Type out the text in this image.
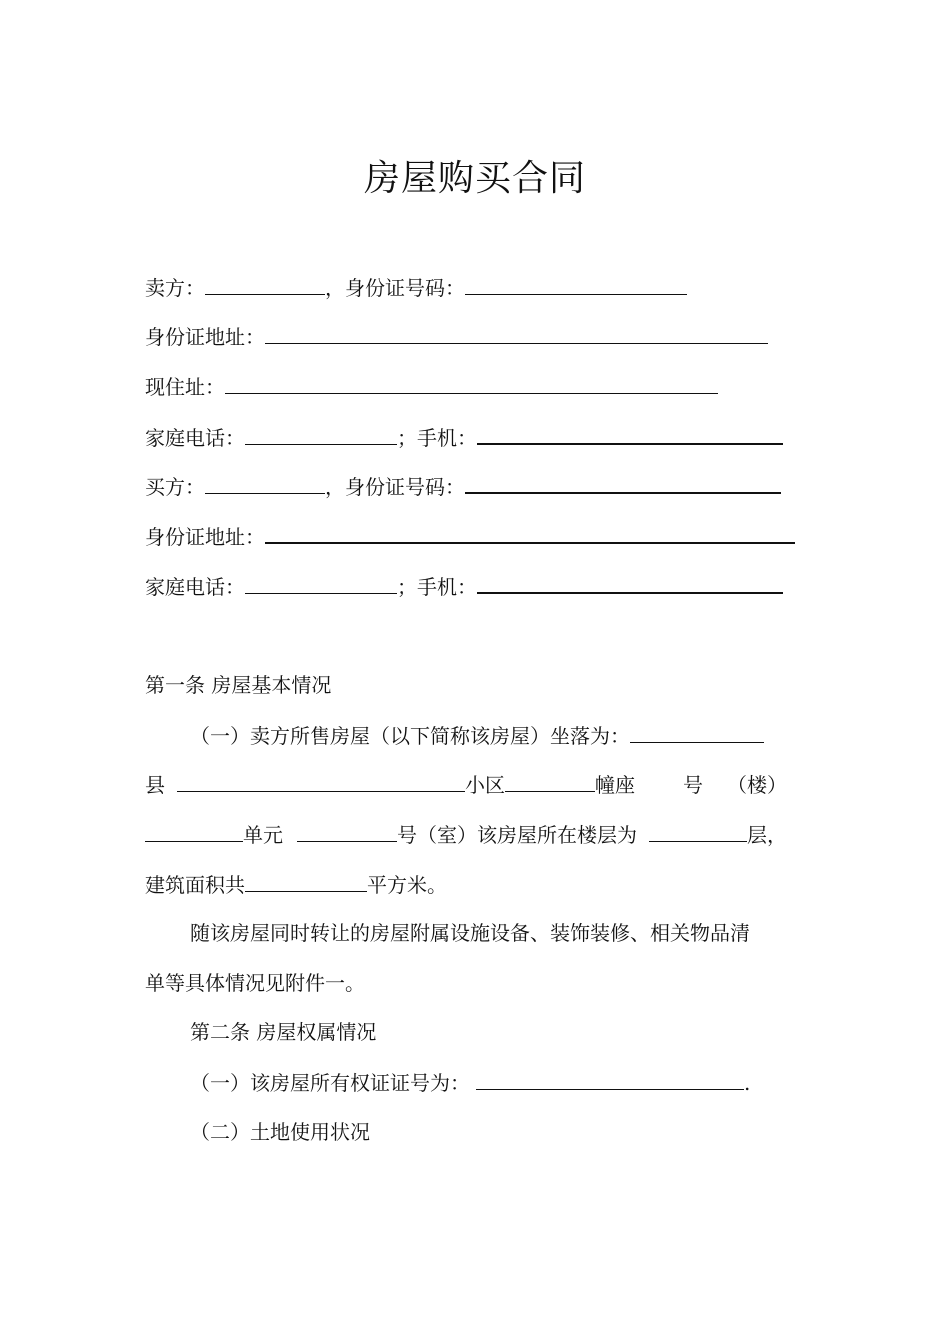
房屋购买合同
卖方：	，身份证号码：
身份证地址：
现住址：
家庭电话：	；手机：
买方：	，身份证号码：
身份证地址：
家庭电话：	；手机：
第一条 房屋基本情况
（一）卖方所售房屋（以下简称该房屋）坐落为：
县	小区	幢座 号 （楼）
单元	号（室）该房屋所在楼层为	层，
建筑面积共	平方米。
随该房屋同时转让的房屋附属设施设备、装饰装修、相关物品清
单等具体情况见附件一。
第二条 房屋权属情况
（一）该房屋所有权证证号为：	.
（二）土地使用状况
